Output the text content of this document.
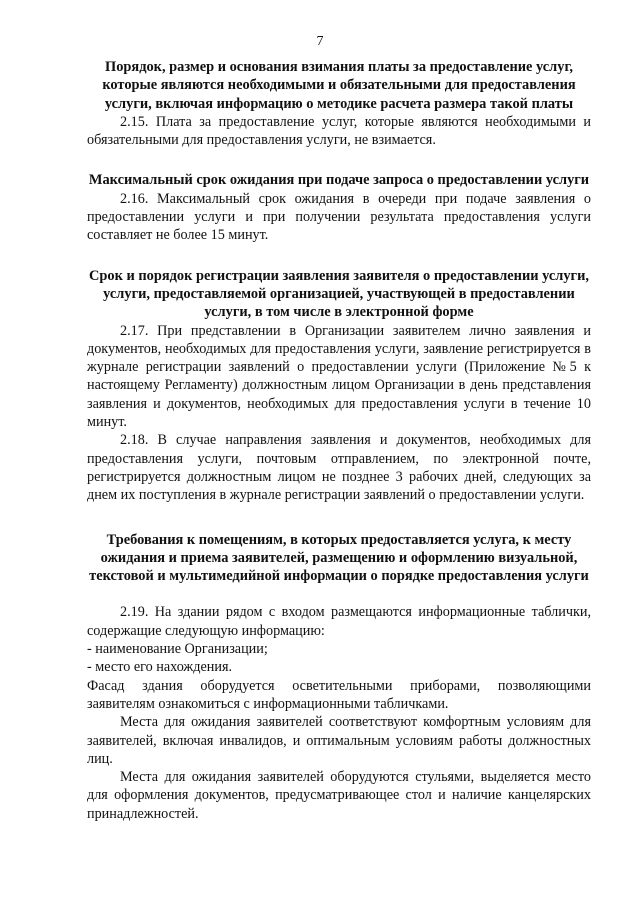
7
Порядок, размер и основания взимания платы за предоставление услуг, которые являются необходимыми и обязательными для предоставления услуги, включая информацию о методике расчета размера такой платы

2.15. Плата за предоставление услуг, которые являются необходимыми и обязательными для предоставления услуги, не взимается.

Максимальный срок ожидания при подаче запроса о предоставлении услуги

2.16. Максимальный срок ожидания в очереди при подаче заявления о предоставлении услуги и при получении результата предоставления услуги составляет не более 15 минут.

Срок и порядок регистрации заявления заявителя о предоставлении услуги, услуги, предоставляемой организацией, участвующей в предоставлении услуги, в том числе в электронной форме

2.17. При представлении в Организации заявителем лично заявления и документов, необходимых для предоставления услуги, заявление регистрируется в журнале регистрации заявлений о предоставлении услуги (Приложение №5 к настоящему Регламенту) должностным лицом Организации в день представления заявления и документов, необходимых для предоставления услуги в течение 10 минут.

2.18. В случае направления заявления и документов, необходимых для предоставления услуги, почтовым отправлением, по электронной почте, регистрируется должностным лицом не позднее 3 рабочих дней, следующих за днем их поступления в журнале регистрации заявлений о предоставлении услуги.

Требования к помещениям, в которых предоставляется услуга, к месту ожидания и приема заявителей, размещению и оформлению визуальной, текстовой и мультимедийной информации о порядке предоставления услуги

2.19. На здании рядом с входом размещаются информационные таблички, содержащие следующую информацию:

- наименование Организации;

- место его нахождения.

Фасад здания оборудуется осветительными приборами, позволяющими заявителям ознакомиться с информационными табличками.

Места для ожидания заявителей соответствуют комфортным условиям для заявителей, включая инвалидов, и оптимальным условиям работы должностных лиц.

Места для ожидания заявителей оборудуются стульями, выделяется место для оформления документов, предусматривающее стол и наличие канцелярских принадлежностей.
